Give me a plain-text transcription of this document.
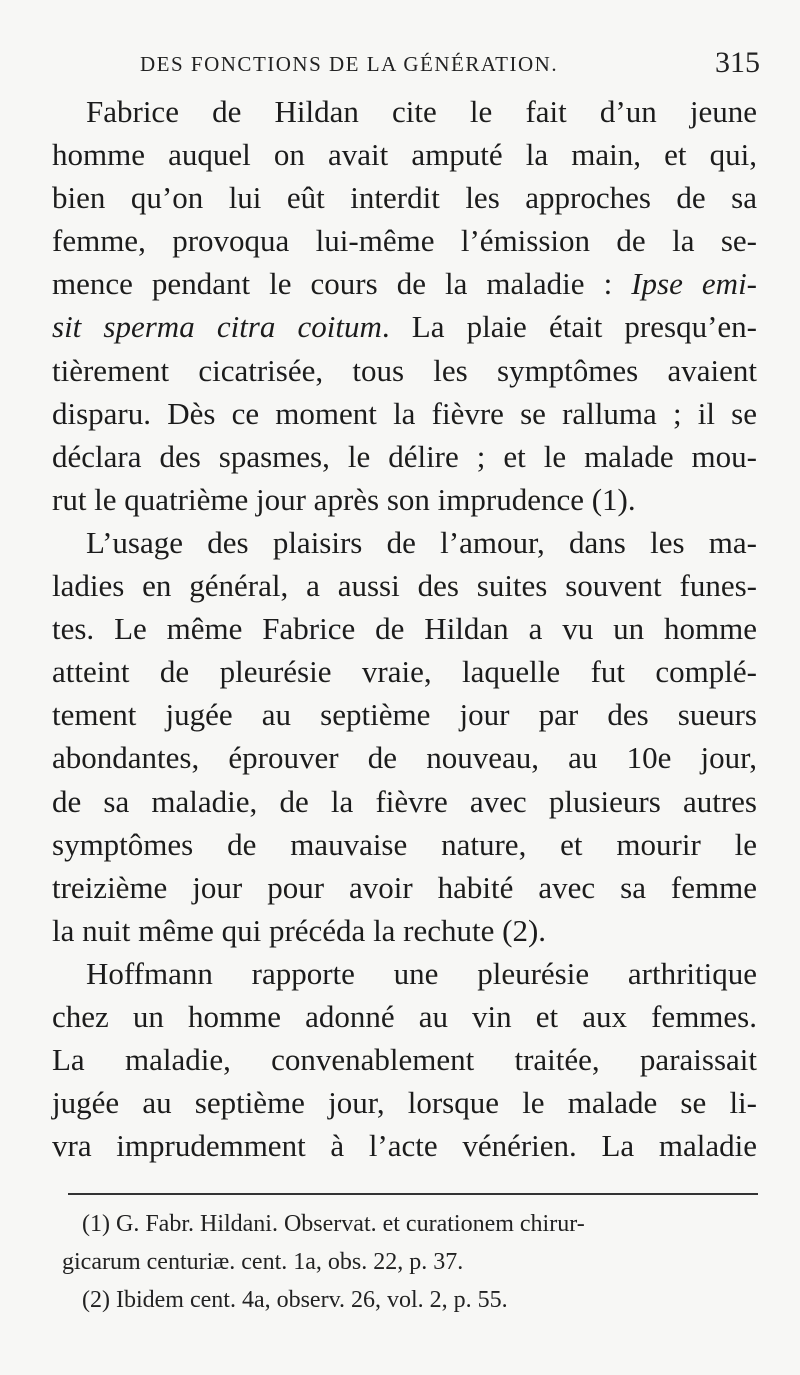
DES FONCTIONS DE LA GÉNÉRATION.	315
Fabrice de Hildan cite le fait d’un jeune
homme auquel on avait amputé la main, et qui,
bien qu’on lui eût interdit les approches de sa
femme, provoqua lui-même l’émission de la se-
mence pendant le cours de la maladie : Ipse emi-
sit sperma citra coitum. La plaie était presqu’en-
tièrement cicatrisée, tous les symptômes avaient
disparu. Dès ce moment la fièvre se ralluma ; il se
déclara des spasmes, le délire ; et le malade mou-
rut le quatrième jour après son imprudence (1).
L’usage des plaisirs de l’amour, dans les ma-
ladies en général, a aussi des suites souvent funes-
tes. Le même Fabrice de Hildan a vu un homme
atteint de pleurésie vraie, laquelle fut complé-
tement jugée au septième jour par des sueurs
abondantes, éprouver de nouveau, au 10e jour,
de sa maladie, de la fièvre avec plusieurs autres
symptômes de mauvaise nature, et mourir le
treizième jour pour avoir habité avec sa femme
la nuit même qui précéda la rechute (2).
Hoffmann rapporte une pleurésie arthritique
chez un homme adonné au vin et aux femmes.
La maladie, convenablement traitée, paraissait
jugée au septième jour, lorsque le malade se li-
vra imprudemment à l’acte vénérien. La maladie
(1) G. Fabr. Hildani. Observat. et curationem chirur-
gicarum centuriæ. cent. 1a, obs. 22, p. 37.
(2) Ibidem cent. 4a, observ. 26, vol. 2, p. 55.
